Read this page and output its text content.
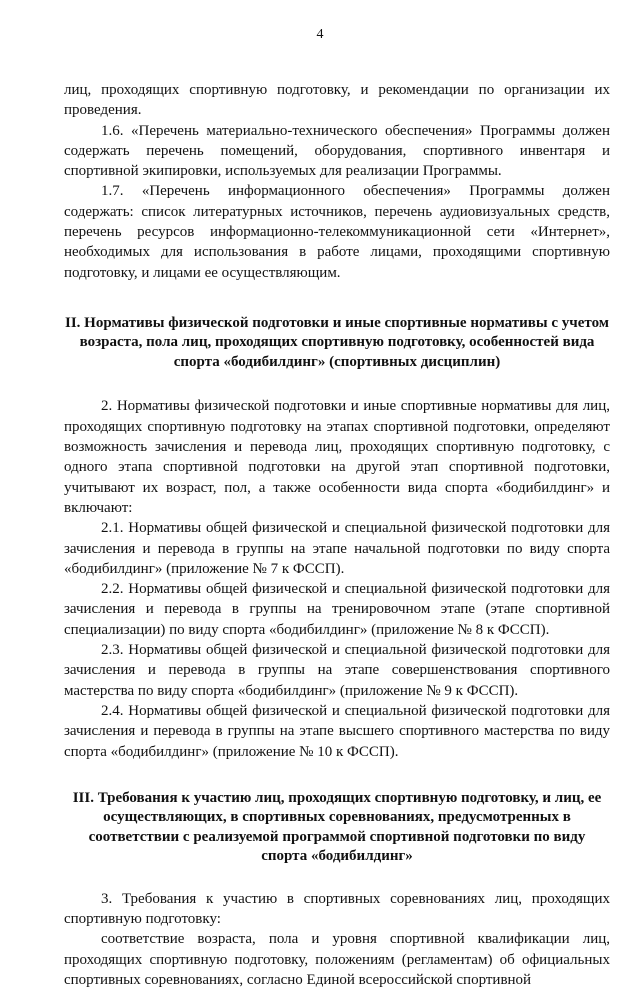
4

лиц, проходящих спортивную подготовку, и рекомендации по организации их проведения.

1.6. «Перечень материально-технического обеспечения» Программы должен содержать перечень помещений, оборудования, спортивного инвентаря и спортивной экипировки, используемых для реализации Программы.

1.7. «Перечень информационного обеспечения» Программы должен содержать: список литературных источников, перечень аудиовизуальных средств, перечень ресурсов информационно-телекоммуникационной сети «Интернет», необходимых для использования в работе лицами, проходящими спортивную подготовку, и лицами ее осуществляющим.

II. Нормативы физической подготовки и иные спортивные нормативы с учетом возраста, пола лиц, проходящих спортивную подготовку, особенностей вида спорта «бодибилдинг» (спортивных дисциплин)

2. Нормативы физической подготовки и иные спортивные нормативы для лиц, проходящих спортивную подготовку на этапах спортивной подготовки, определяют возможность зачисления и перевода лиц, проходящих спортивную подготовку, с одного этапа спортивной подготовки на другой этап спортивной подготовки, учитывают их возраст, пол, а также особенности вида спорта «бодибилдинг» и включают:

2.1. Нормативы общей физической и специальной физической подготовки для зачисления и перевода в группы на этапе начальной подготовки по виду спорта «бодибилдинг» (приложение № 7 к ФССП).

2.2. Нормативы общей физической и специальной физической подготовки для зачисления и перевода в группы на тренировочном этапе (этапе спортивной специализации) по виду спорта «бодибилдинг» (приложение № 8 к ФССП).

2.3. Нормативы общей физической и специальной физической подготовки для зачисления и перевода в группы на этапе совершенствования спортивного мастерства по виду спорта «бодибилдинг» (приложение № 9 к ФССП).

2.4. Нормативы общей физической и специальной физической подготовки для зачисления и перевода в группы на этапе высшего спортивного мастерства по виду спорта «бодибилдинг» (приложение № 10 к ФССП).

III. Требования к участию лиц, проходящих спортивную подготовку, и лиц, ее осуществляющих, в спортивных соревнованиях, предусмотренных в соответствии с реализуемой программой спортивной подготовки по виду спорта «бодибилдинг»

3. Требования к участию в спортивных соревнованиях лиц, проходящих спортивную подготовку:

соответствие возраста, пола и уровня спортивной квалификации лиц, проходящих спортивную подготовку, положениям (регламентам) об официальных спортивных соревнованиях, согласно Единой всероссийской спортивной
